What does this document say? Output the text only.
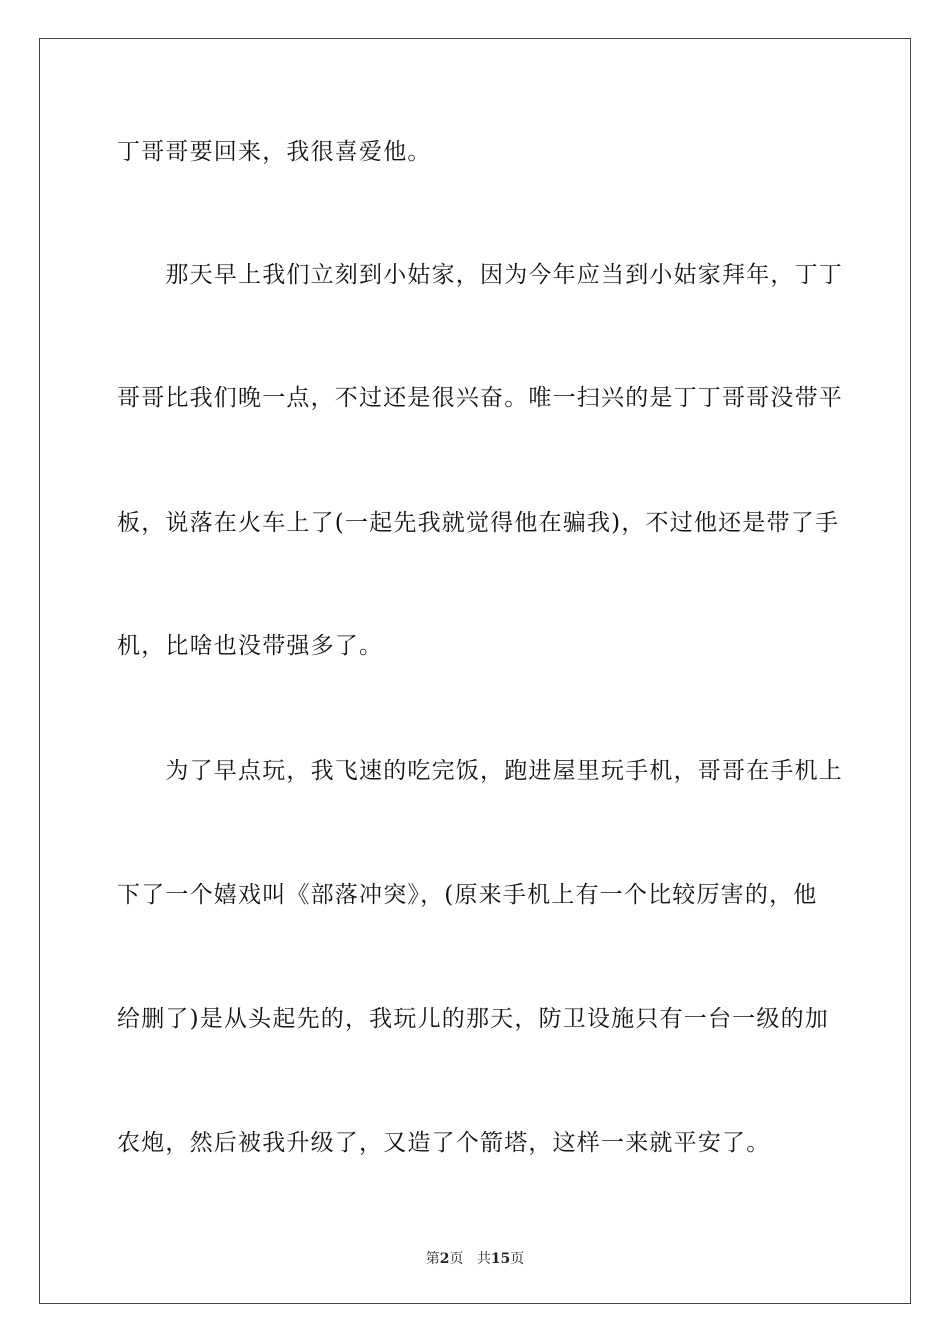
丁哥哥要回来，我很喜爱他。
　　那天早上我们立刻到小姑家，因为今年应当到小姑家拜年，丁丁
哥哥比我们晚一点，不过还是很兴奋。唯一扫兴的是丁丁哥哥没带平
板，说落在火车上了(一起先我就觉得他在骗我)，不过他还是带了手
机，比啥也没带强多了。
　　为了早点玩，我飞速的吃完饭，跑进屋里玩手机，哥哥在手机上
下了一个嬉戏叫《部落冲突》，(原来手机上有一个比较厉害的，他
给删了)是从头起先的，我玩儿的那天，防卫设施只有一台一级的加
农炮，然后被我升级了，又造了个箭塔，这样一来就平安了。
第2页 共15页
